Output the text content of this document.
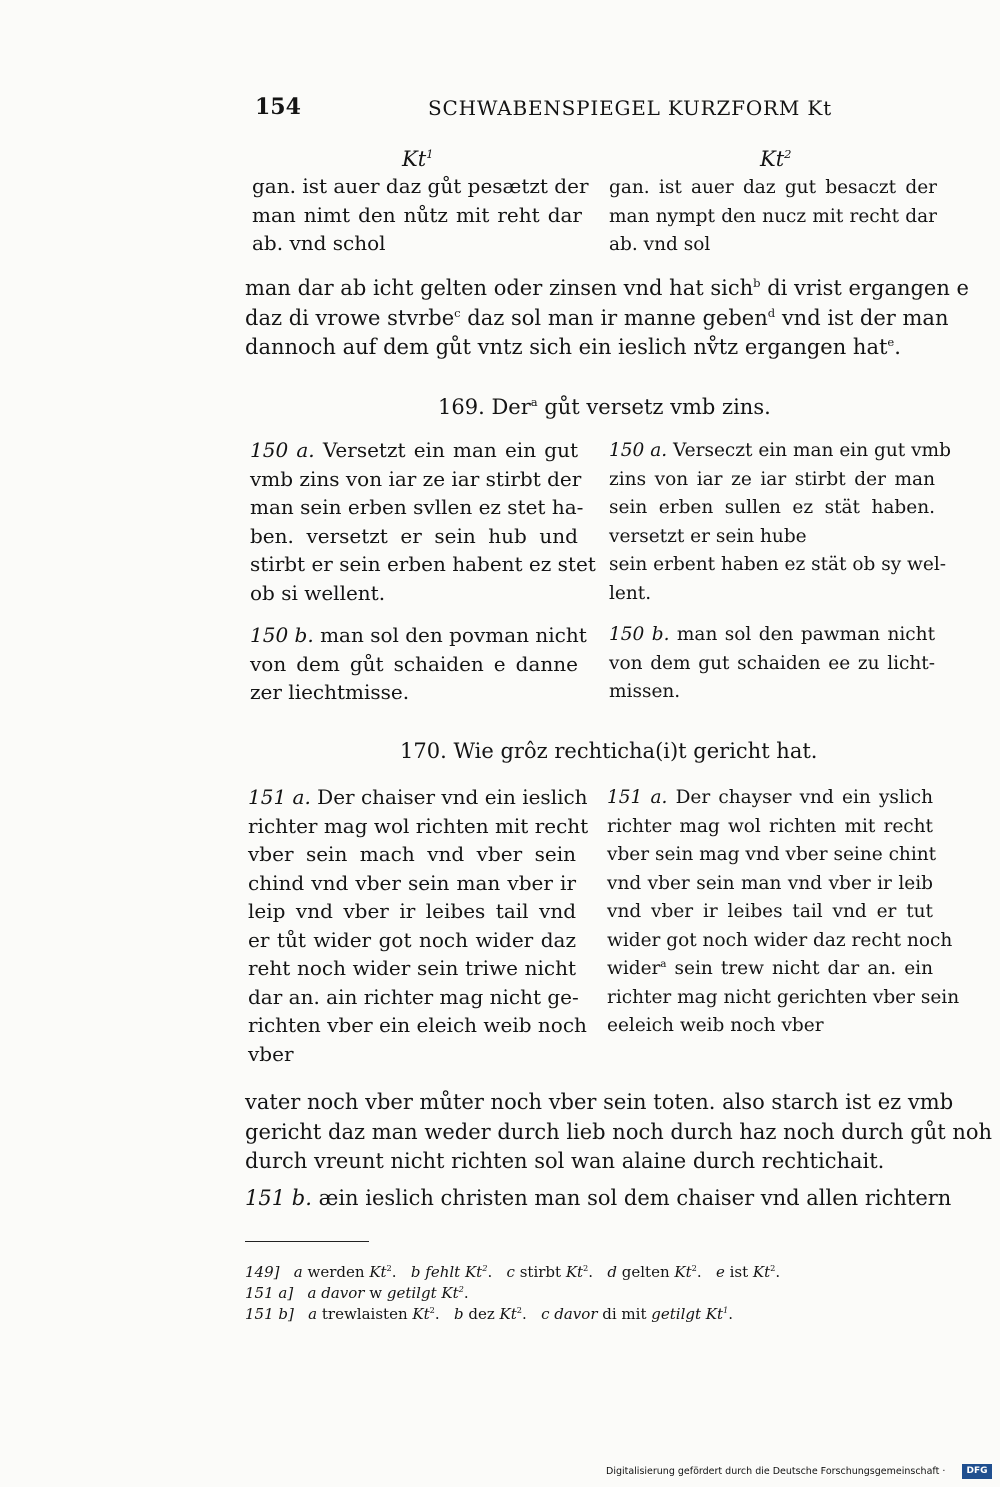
154	SCHWABENSPIEGEL KURZFORM Kt
Kt$^1$	Kt$^2$
gan. ist auer daz gůt pesætzt der
man nimt den nůtz mit reht dar
ab. vnd schol
gan. ist auer daz gut besaczt der
man nympt den nucz mit recht dar
ab. vnd sol
man dar ab icht gelten oder zinsen vnd hat sich$^b$ di vrist ergangen e
daz di vrowe stvrbe$^c$ daz sol man ir manne geben$^d$ vnd ist der man
dannoch auf dem gůt vntz sich ein ieslich nv̊tz ergangen hat$^e$.
169. Der$^a$ gůt versetz vmb zins.
150 a. Versetzt ein man ein gut
vmb zins von iar ze iar stirbt der
man sein erben svllen ez stet ha-
ben. versetzt er sein hub und
stirbt er sein erben habent ez stet
ob si wellent.
150 a. Verseczt ein man ein gut vmb
zins von iar ze iar stirbt der man
sein erben sullen ez stät haben.
versetzt er sein hube
sein erbent haben ez stät ob sy wel-
lent.
150 b. man sol den povman nicht
von dem gůt schaiden e danne
zer liechtmisse.
150 b. man sol den pawman nicht
von dem gut schaiden ee zu licht-
missen.
170. Wie grôz rechticha(i)t gericht hat.
151 a. Der chaiser vnd ein ieslich
richter mag wol richten mit recht
vber sein mach vnd vber sein
chind vnd vber sein man vber ir
leip vnd vber ir leibes tail vnd
er tůt wider got noch wider daz
reht noch wider sein triwe nicht
dar an. ain richter mag nicht ge-
richten vber ein eleich weib noch
vber
151 a. Der chayser vnd ein yslich
richter mag wol richten mit recht
vber sein mag vnd vber seine chint
vnd vber sein man vnd vber ir leib
vnd vber ir leibes tail vnd er tut
wider got noch wider daz recht noch
wider$^a$ sein trew nicht dar an. ein
richter mag nicht gerichten vber sein
eeleich weib noch vber
vater noch vber můter noch vber sein toten. also starch ist ez vmb
gericht daz man weder durch lieb noch durch haz noch durch gůt noh
durch vreunt nicht richten sol wan alaine durch rechtichait.
151 b. æin ieslich christen man sol dem chaiser vnd allen richtern
149] a werden Kt$^2$. b fehlt Kt$^2$. c stirbt Kt$^2$. d gelten Kt$^2$. e ist Kt$^2$.
151 a] a davor w getilgt Kt$^2$.
151 b] a trewlaisten Kt$^2$. b dez Kt$^2$. c davor di mit getilgt Kt$^1$.
Digitalisierung gefördert durch die Deutsche Forschungsgemeinschaft ·	DFG
